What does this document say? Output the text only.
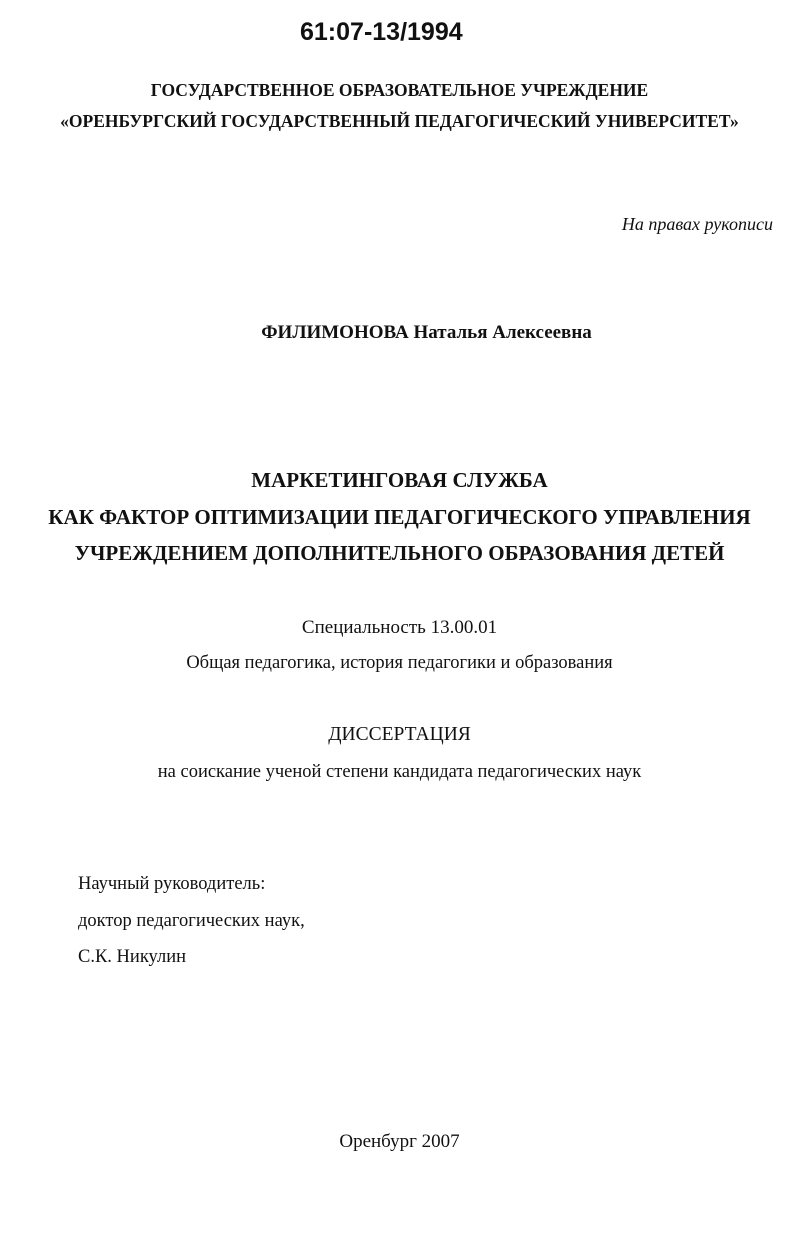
61:07-13/1994
ГОСУДАРСТВЕННОЕ ОБРАЗОВАТЕЛЬНОЕ УЧРЕЖДЕНИЕ
«ОРЕНБУРГСКИЙ ГОСУДАРСТВЕННЫЙ ПЕДАГОГИЧЕСКИЙ УНИВЕРСИТЕТ»
На правах рукописи
ФИЛИМОНОВА Наталья Алексеевна
МАРКЕТИНГОВАЯ СЛУЖБА
КАК ФАКТОР ОПТИМИЗАЦИИ ПЕДАГОГИЧЕСКОГО УПРАВЛЕНИЯ
УЧРЕЖДЕНИЕМ ДОПОЛНИТЕЛЬНОГО ОБРАЗОВАНИЯ ДЕТЕЙ
Специальность 13.00.01
Общая педагогика, история педагогики и образования
ДИССЕРТАЦИЯ
на соискание ученой степени кандидата педагогических наук
Научный руководитель:
доктор педагогических наук,
С.К. Никулин
Оренбург 2007
